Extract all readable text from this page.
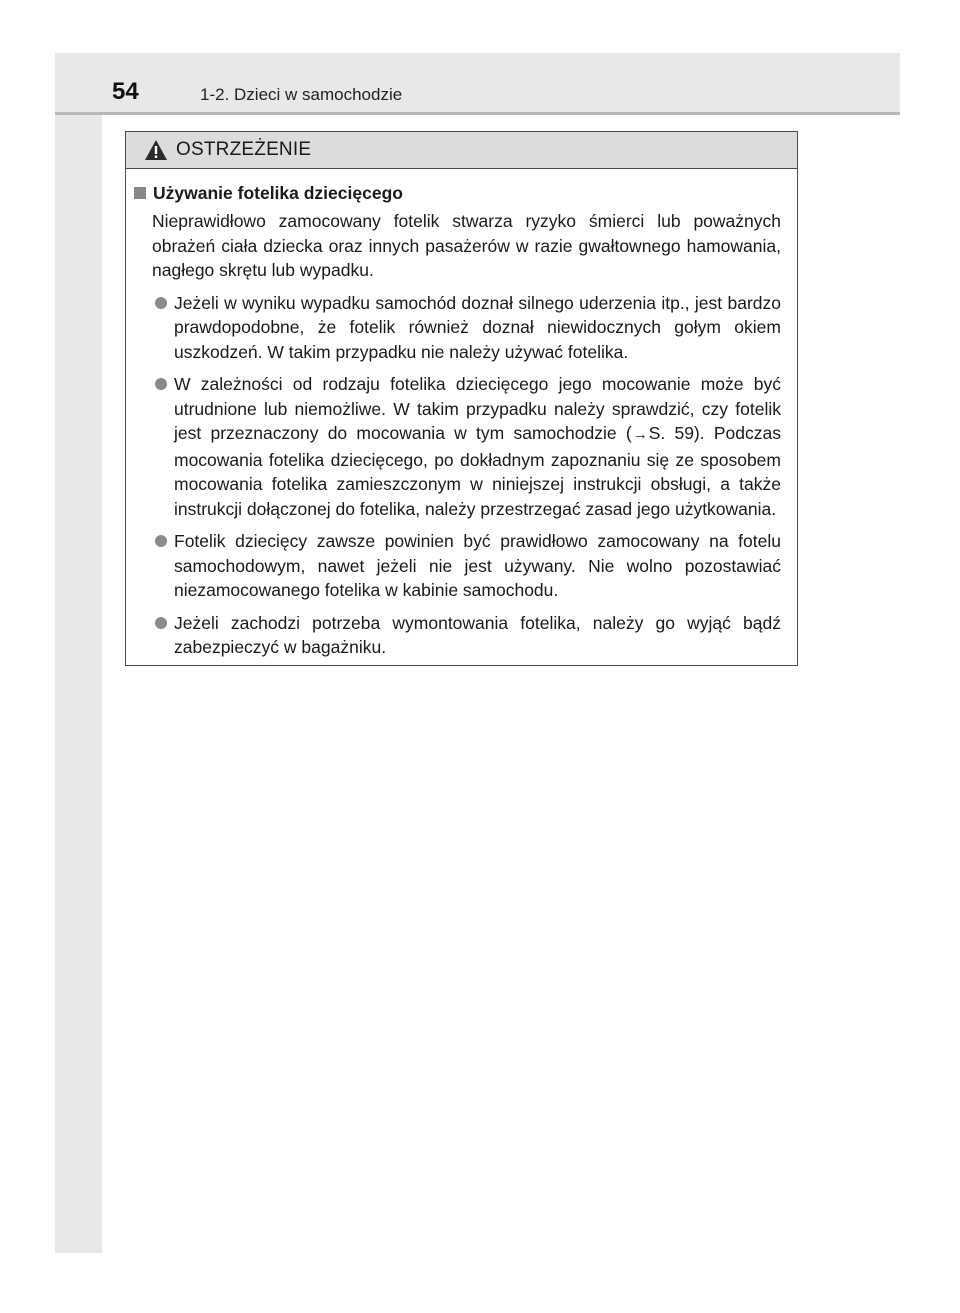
54	1-2. Dzieci w samochodzie
OSTRZEŻENIE
Używanie fotelika dziecięcego

Nieprawidłowo zamocowany fotelik stwarza ryzyko śmierci lub poważnych obrażeń ciała dziecka oraz innych pasażerów w razie gwałtownego hamowania, nagłego skrętu lub wypadku.

Jeżeli w wyniku wypadku samochód doznał silnego uderzenia itp., jest bardzo prawdopodobne, że fotelik również doznał niewidocznych gołym okiem uszkodzeń. W takim przypadku nie należy używać fotelika.
W zależności od rodzaju fotelika dziecięcego jego mocowanie może być utrudnione lub niemożliwe. W takim przypadku należy sprawdzić, czy fotelik jest przeznaczony do mocowania w tym samochodzie (→S. 59). Podczas mocowania fotelika dziecięcego, po dokładnym zapoznaniu się ze sposobem mocowania fotelika zamieszczonym w niniejszej instrukcji obsługi, a także instrukcji dołączonej do fotelika, należy przestrzegać zasad jego użytkowania.
Fotelik dziecięcy zawsze powinien być prawidłowo zamocowany na fotelu samochodowym, nawet jeżeli nie jest używany. Nie wolno pozostawiać niezamocowanego fotelika w kabinie samochodu.
Jeżeli zachodzi potrzeba wymontowania fotelika, należy go wyjąć bądź zabezpieczyć w bagażniku.
